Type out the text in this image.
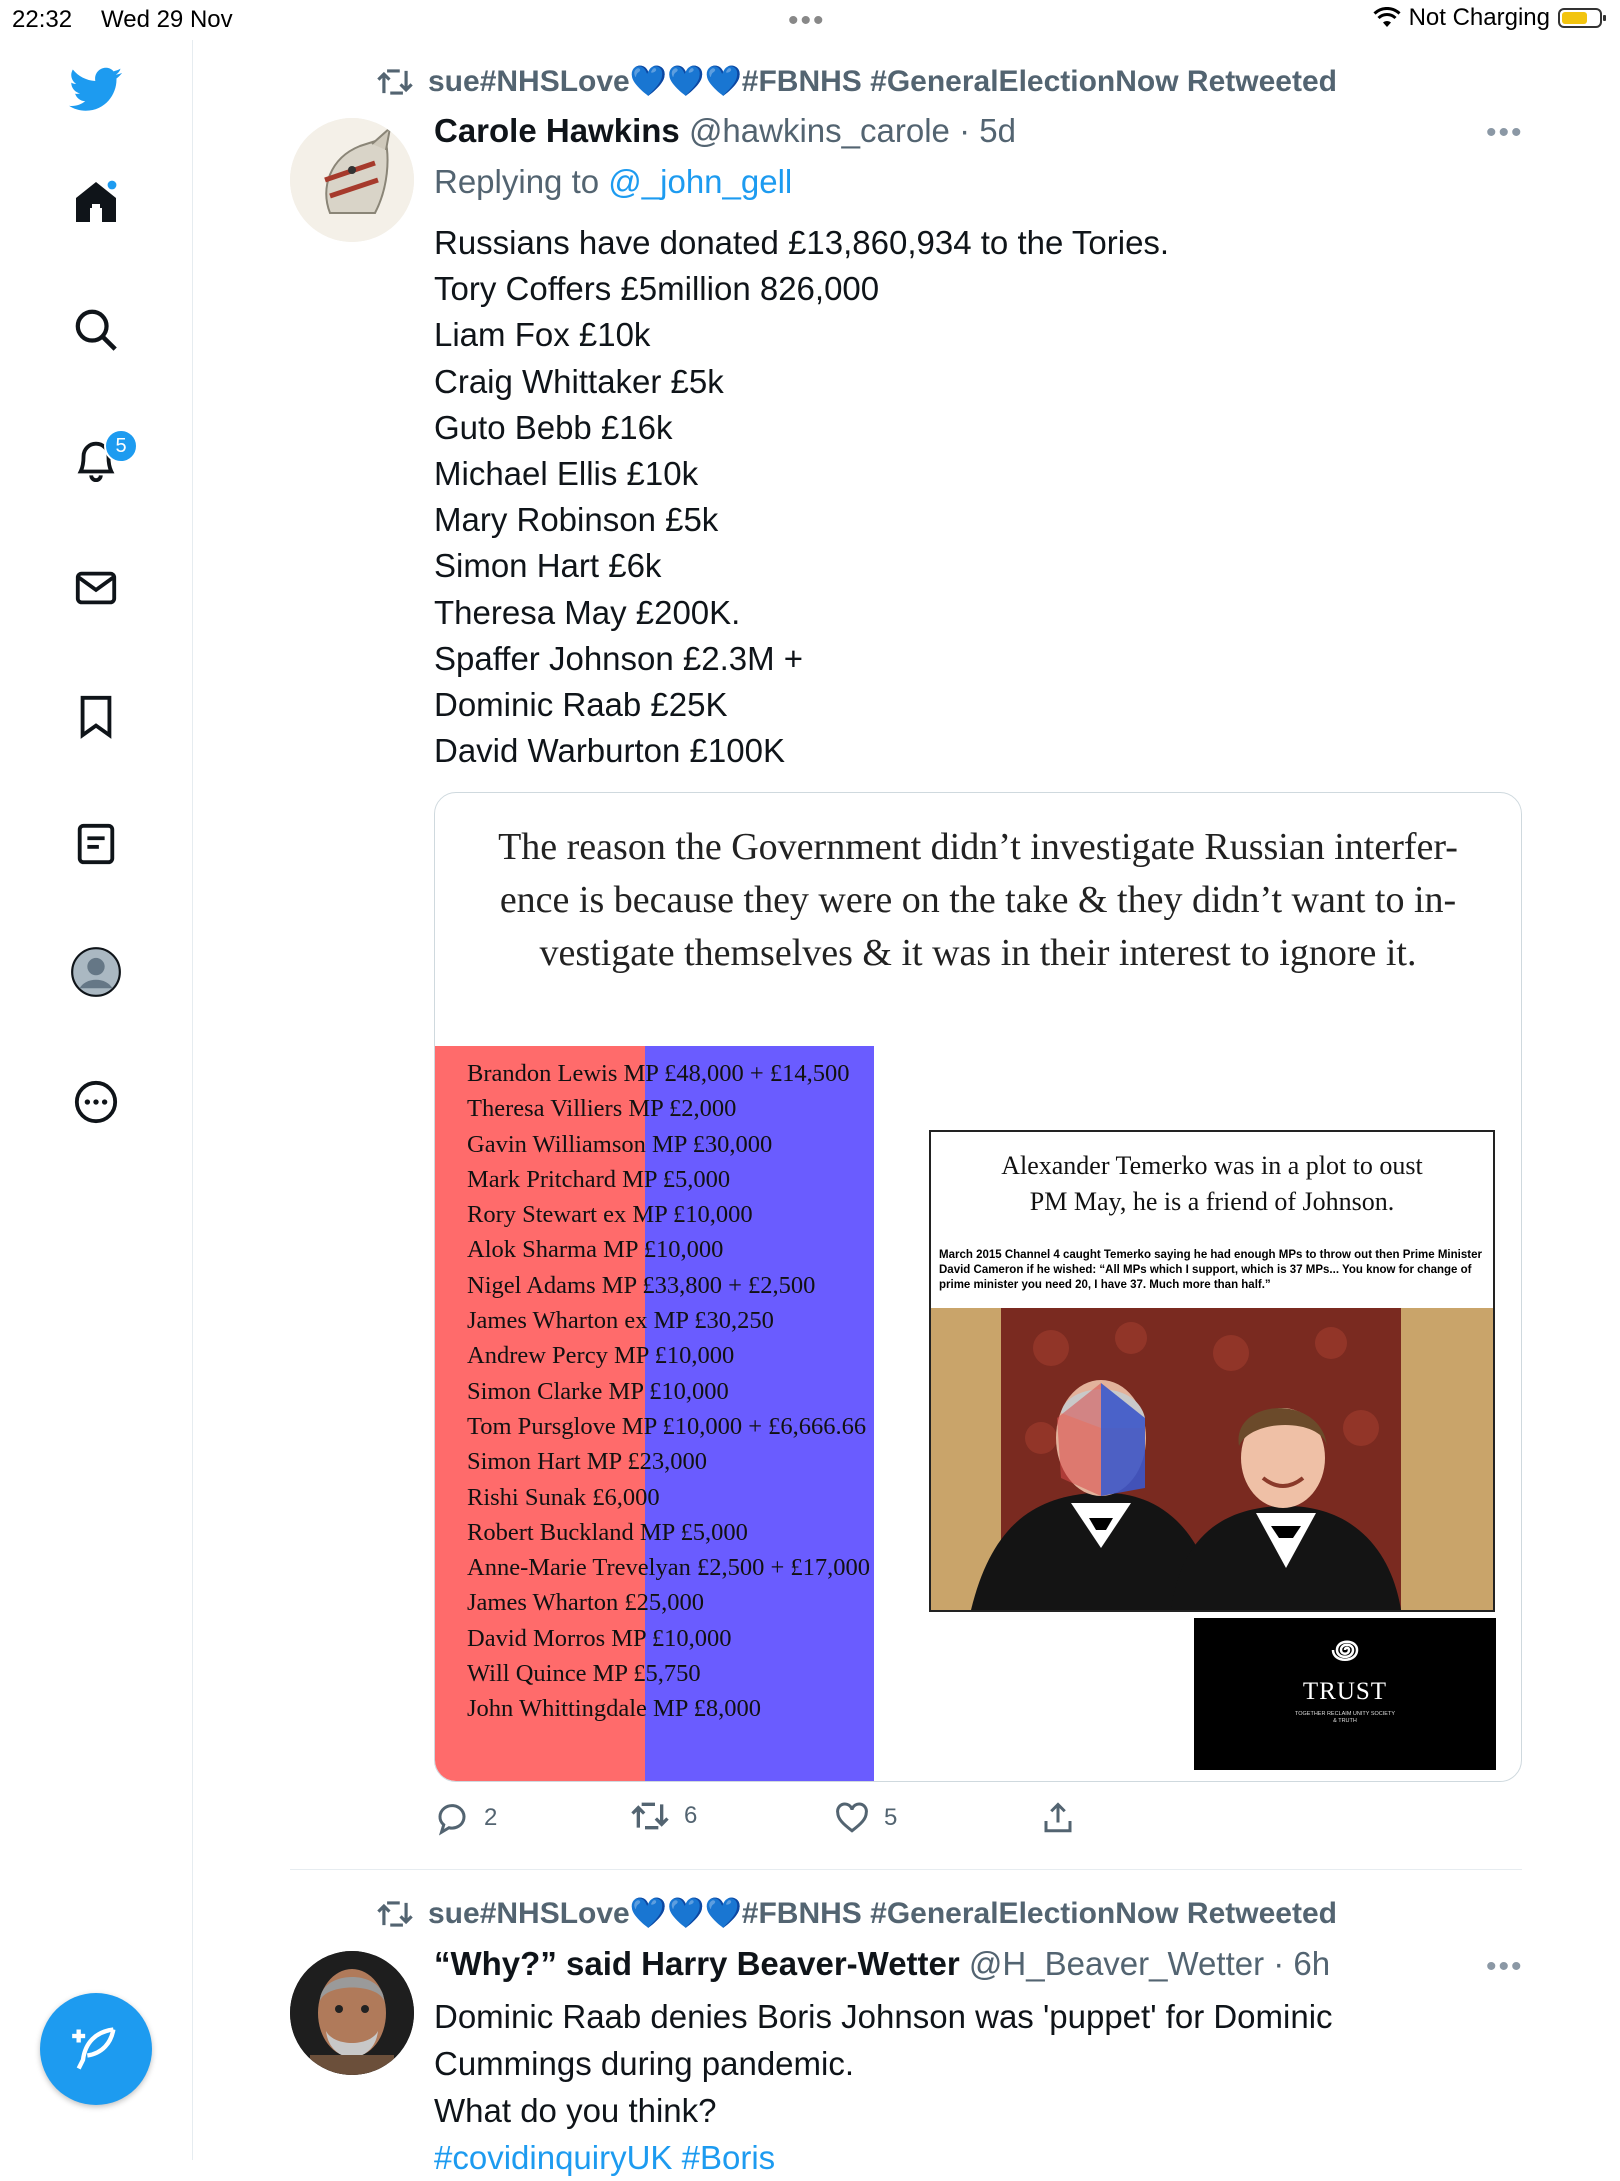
22:32 Wed 29 Nov	•••	Not Charging
5
sue#NHSLove💙💙💙#FBNHS #GeneralElectionNow Retweeted
Carole Hawkins @hawkins_carole · 5d	•••
Replying to @_john_gell
Russians have donated £13,860,934 to the Tories.
Tory Coffers £5million 826,000
Liam Fox £10k
Craig Whittaker £5k
Guto Bebb £16k
Michael Ellis £10k
Mary Robinson £5k
Simon Hart £6k
Theresa May £200K.
Spaffer Johnson £2.3M +
Dominic Raab £25K
David Warburton £100K
The reason the Government didn’t investigate Russian interfer-
ence is because they were on the take & they didn’t want to in-
vestigate themselves & it was in their interest to ignore it.
Brandon Lewis MP £48,000 + £14,500
Theresa Villiers MP £2,000
Gavin Williamson MP £30,000
Mark Pritchard MP £5,000
Rory Stewart ex MP £10,000
Alok Sharma MP £10,000
Nigel Adams MP £33,800 + £2,500
James Wharton ex MP £30,250
Andrew Percy MP £10,000
Simon Clarke MP £10,000
Tom Pursglove MP £10,000 + £6,666.66
Simon Hart MP £23,000
Rishi Sunak £6,000
Robert Buckland MP £5,000
Anne-Marie Trevelyan £2,500 + £17,000
James Wharton £25,000
David Morros MP £10,000
Will Quince MP £5,750
John Whittingdale MP £8,000
Alexander Temerko was in a plot to oust
PM May, he is a friend of Johnson.
March 2015 Channel 4 caught Temerko saying he had enough MPs to throw out then Prime Minister David Cameron if he wished: “All MPs which I support, which is 37 MPs... You know for change of prime minister you need 20, I have 37. Much more than half.”
TRUST
TOGETHER RECLAIM UNITY SOCIETY & TRUTH
2	6	5
sue#NHSLove💙💙💙#FBNHS #GeneralElectionNow Retweeted
“Why?” said Harry Beaver-Wetter @H_Beaver_Wetter · 6h	•••
Dominic Raab denies Boris Johnson was 'puppet' for Dominic
Cummings during pandemic.
What do you think?
#covidinquiryUK #Boris
